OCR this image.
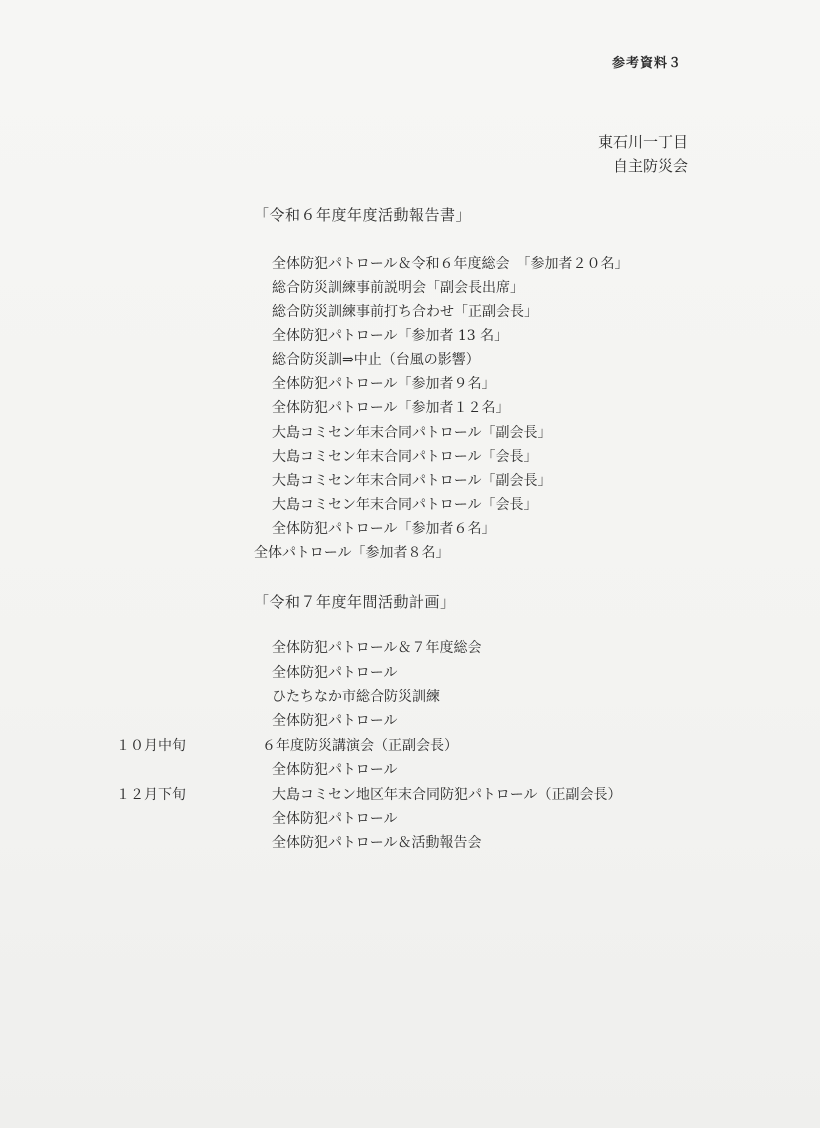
参考資料３
東石川一丁目
自主防災会
「令和６年度年度活動報告書」
全体防犯パトロール＆令和６年度総会　「参加者２０名」
総合防災訓練事前説明会「副会長出席」
総合防災訓練事前打ち合わせ「正副会長」
全体防犯パトロール「参加者 13 名」
総合防災訓⇒中止（台風の影響）
全体防犯パトロール「参加者９名」
全体防犯パトロール「参加者１２名」
大島コミセン年末合同パトロール「副会長」
大島コミセン年末合同パトロール「会長」
大島コミセン年末合同パトロール「副会長」
大島コミセン年末合同パトロール「会長」
全体防犯パトロール「参加者６名」
全体パトロール「参加者８名」
「令和７年度年間活動計画」
全体防犯パトロール＆７年度総会
全体防犯パトロール
ひたちなか市総合防災訓練
全体防犯パトロール
１０月中旬	６年度防災講演会（正副会長）
全体防犯パトロール
１２月下旬	大島コミセン地区年末合同防犯パトロール（正副会長）
全体防犯パトロール
全体防犯パトロール＆活動報告会
